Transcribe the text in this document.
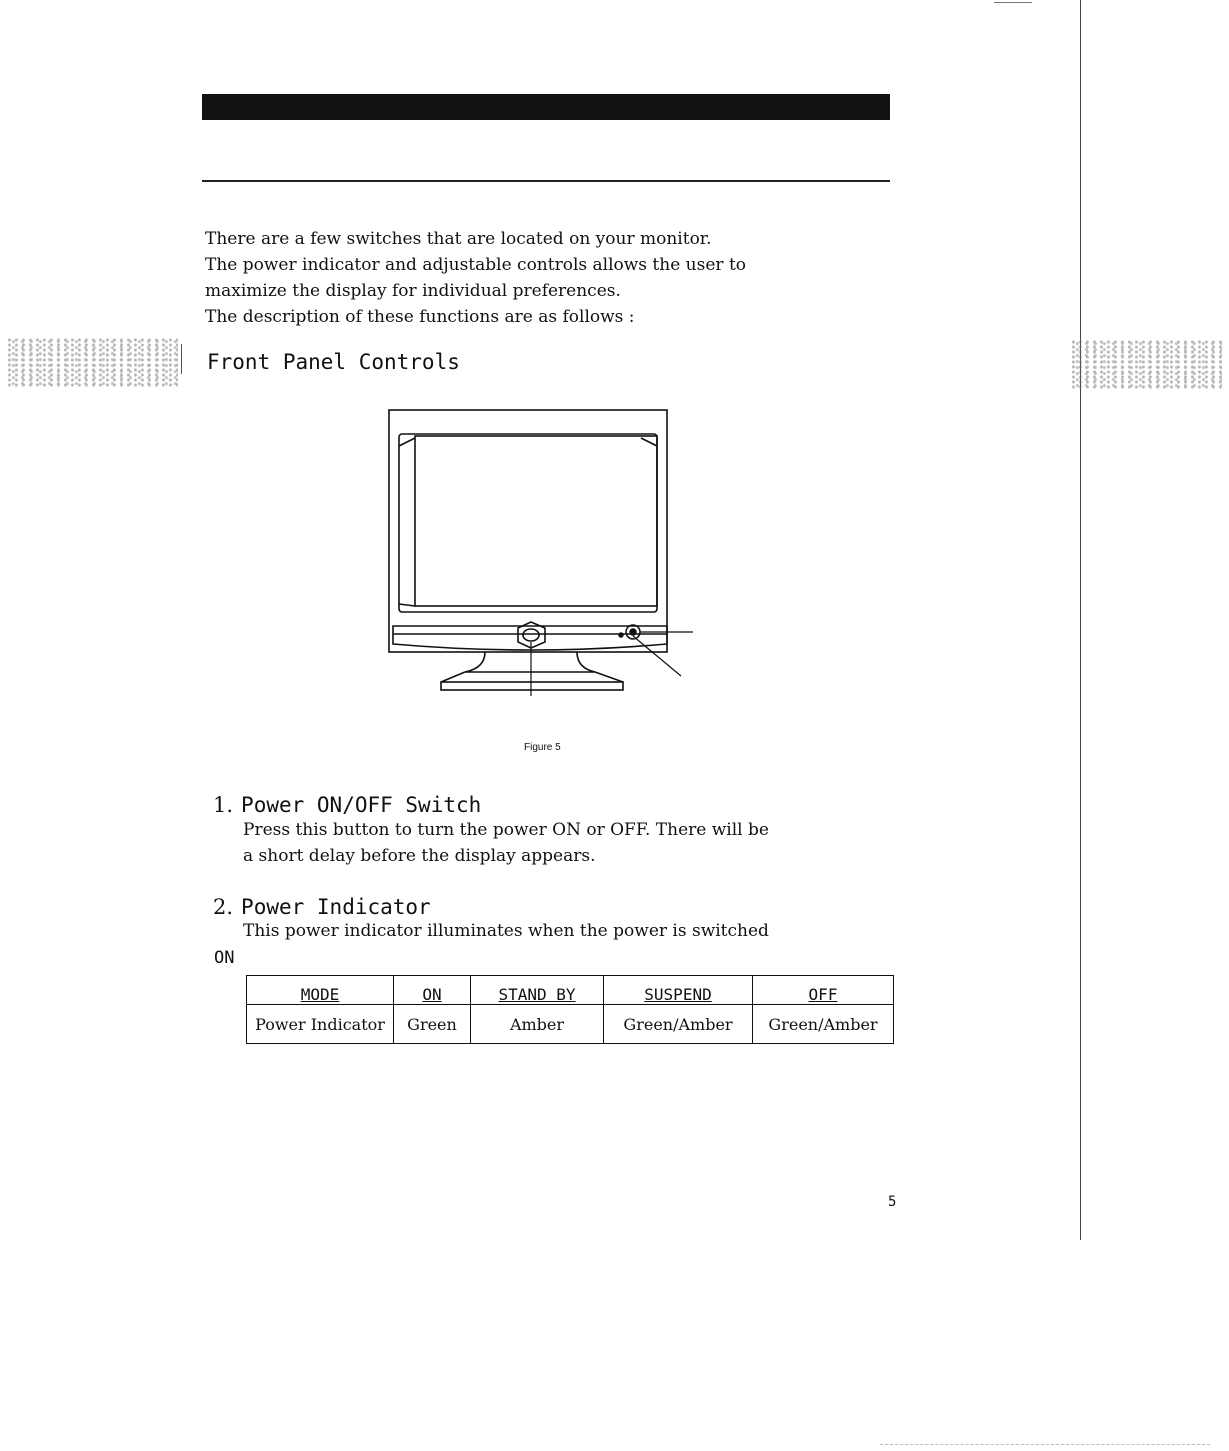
There are a few switches that are located on your monitor.

The power indicator and adjustable controls allows the user to

maximize the display for individual preferences.

The description of these functions are as follows :

Front Panel Controls
Figure 5
1. Power ON/OFF Switch
Press this button to turn the power ON or OFF. There will be
a short delay before the display appears.
2. Power Indicator
This power indicator illuminates when the power is switched
ON
MODE	ON	STAND BY	SUSPEND	OFF
Power Indicator	Green	Amber	Green/Amber	Green/Amber
5
